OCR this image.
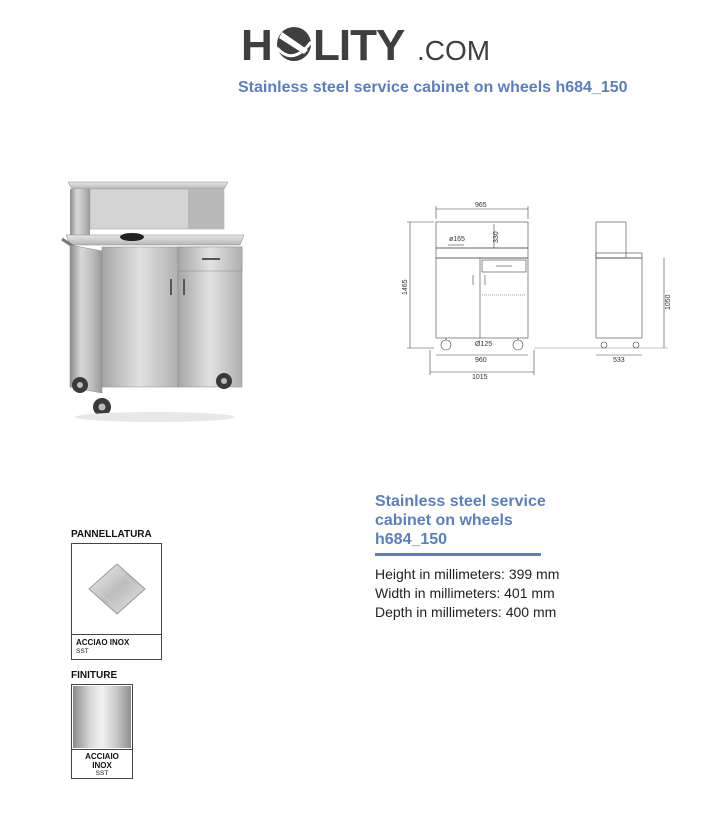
H LITY .COM
Stainless steel service cabinet on wheels h684_150
965
ø165	330
1465
Ø125
960
1015
1050
533
Stainless steel service
cabinet on wheels
h684_150
Height in millimeters: 399 mm
Width in millimeters: 401 mm
Depth in millimeters: 400 mm
PANNELLATURA
ACCIAO INOX
SST
FINITURE
ACCIAIO
INOX
SST
